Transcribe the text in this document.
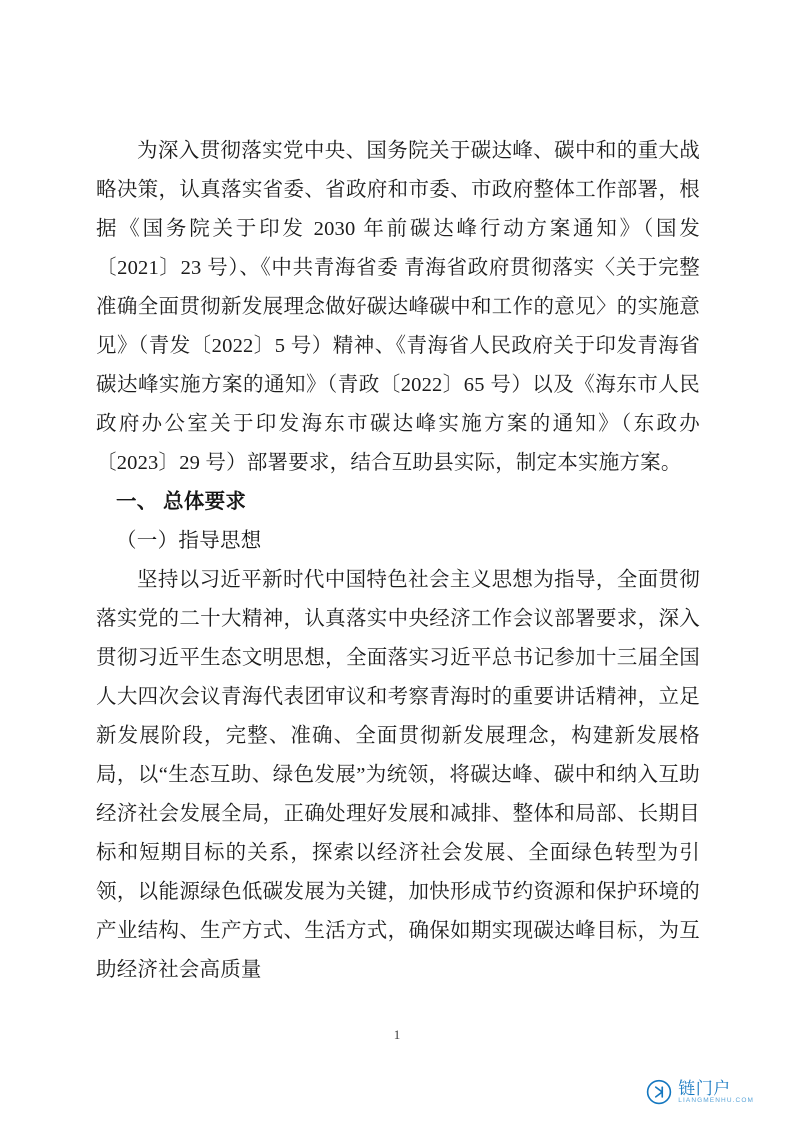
为深入贯彻落实党中央、国务院关于碳达峰、碳中和的重大战略决策，认真落实省委、省政府和市委、市政府整体工作部署，根据《国务院关于印发 2030 年前碳达峰行动方案通知》（国发〔2021〕23 号）、《中共青海省委 青海省政府贯彻落实〈关于完整准确全面贯彻新发展理念做好碳达峰碳中和工作的意见〉的实施意见》（青发〔2022〕5 号）精神、《青海省人民政府关于印发青海省碳达峰实施方案的通知》（青政〔2022〕65 号）以及《海东市人民政府办公室关于印发海东市碳达峰实施方案的通知》（东政办〔2023〕29 号）部署要求，结合互助县实际，制定本实施方案。

一、 总体要求

（一）指导思想

坚持以习近平新时代中国特色社会主义思想为指导，全面贯彻落实党的二十大精神，认真落实中央经济工作会议部署要求，深入贯彻习近平生态文明思想，全面落实习近平总书记参加十三届全国人大四次会议青海代表团审议和考察青海时的重要讲话精神，立足新发展阶段，完整、准确、全面贯彻新发展理念，构建新发展格局，以“生态互助、绿色发展”为统领，将碳达峰、碳中和纳入互助经济社会发展全局，正确处理好发展和减排、整体和局部、长期目标和短期目标的关系，探索以经济社会发展、全面绿色转型为引领，以能源绿色低碳发展为关键，加快形成节约资源和保护环境的产业结构、生产方式、生活方式，确保如期实现碳达峰目标，为互助经济社会高质量

1
链门户
LIANGMENHU.COM
